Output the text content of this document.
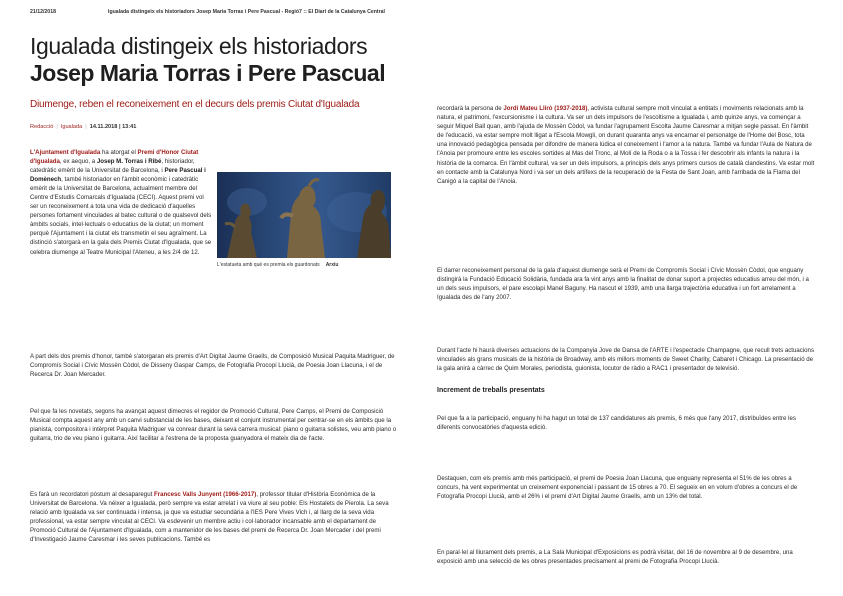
21/12/2018	Igualada distingeix els historiadors Josep Maria Torras i Pere Pascual - Regió7 :: El Diari de la Catalunya Central
Igualada distingeix els historiadors
Josep Maria Torras i Pere Pascual
Diumenge, reben el reconeixement en el decurs dels premis Ciutat d'Igualada
Redacció | Igualada | 14.11.2018 | 13:41
L'Ajuntament d'Igualada ha atorgat el Premi d'Honor Ciutat d'Igualada, ex aequo, a Josep M. Torras i Ribé, historiador, catedràtic emèrit de la Universitat de Barcelona, i Pere Pascual i Domènech, també historiador en l'àmbit econòmic i catedràtic emèrit de la Universitat de Barcelona, actualment membre del Centre d'Estudis Comarcals d'Igualada (CECI). Aquest premi vol ser un reconeixement a tota una vida de dedicació d'aquelles persones fortament vinculades al batec cultural o de qualsevol dels àmbits socials, intel·lectuals o educatius de la ciutat; un moment perquè l'Ajuntament i la ciutat els transmetin el seu agraïment. La distinció s'atorgarà en la gala dels Premis Ciutat d'Igualada, que se celebra diumenge al Teatre Municipal l'Ateneu, a les 2/4 de 12.
L'estatueta amb què es premia els guardonats Arxiu
A part dels dos premis d'honor, també s'atorgaran els premis d'Art Digital Jaume Graells, de Composició Musical Paquita Madriguer, de Compromís Social i Cívic Mossèn Còdol, de Disseny Gaspar Camps, de Fotografia Procopi Llucià, de Poesia Joan Llacuna, i el de Recerca Dr. Joan Mercader.
Pel que fa les novetats, segons ha avançat aquest dimecres el regidor de Promoció Cultural, Pere Camps, el Premi de Composició Musical compta aquest any amb un canvi substancial de les bases, deixant el conjunt instrumental per centrar-se en els àmbits que la pianista, compositora i intèrpret Paquita Madriguer va conrear durant la seva carrera musical: piano o guitarra solistes, veu amb piano o guitarra, trio de veu piano i guitarra. Així facilitar a l'estrena de la proposta guanyadora el mateix dia de l'acte.
Es farà un recordatori pòstum al desaparegut Francesc Valls Junyent (1966-2017), professor titular d'Història Econòmica de la Universitat de Barcelona. Va néixer a Igualada, però sempre va estar arrelat i va viure al seu poble: Els Hostalets de Pierola. La seva relació amb Igualada va ser continuada i intensa, ja que va estudiar secundària a l'IES Pere Vives Vich i, al llarg de la seva vida professional, va estar sempre vinculat al CECI. Va esdevenir un membre actiu i col·laborador incansable amb el departament de Promoció Cultural de l'Ajuntament d'Igualada, com a mantenidor de les bases del premi de Recerca Dr. Joan Mercader i del premi d'Investigació Jaume Caresmar i les seves publicacions. També es
recordarà la persona de Jordi Mateu Llirò (1937-2018), activista cultural sempre molt vinculat a entitats i moviments relacionats amb la natura, el patrimoni, l'excursionisme i la cultura. Va ser un dels impulsors de l'escoltisme a Igualada i, amb quinze anys, va començar a seguir Miquel Ball quan, amb l'ajuda de Mossèn Còdol, va fundar l'agrupament Escolta Jaume Caresmar a mitjan segle passat. En l'àmbit de l'educació, va estar sempre molt lligat a l'Escola Mowgli, on durant quaranta anys va encarnar el personatge de l'Home del Bosc, tota una innovació pedagògica pensada per difondre de manera lúdica el coneixement i l'amor a la natura. També va fundar l'Aula de Natura de l'Anoia per promoure entre les escoles sortides al Mas del Tronc, al Molí de la Roda o a la Tossa i fer descobrir als infants la natura i la història de la comarca. En l'àmbit cultural, va ser un dels impulsors, a principis dels anys primers cursos de català clandestins. Va estar molt en contacte amb la Catalunya Nord i va ser un dels artífexs de la recuperació de la Festa de Sant Joan, amb l'arribada de la Flama del Canigó a la capital de l'Anoia.
El darrer reconeixement personal de la gala d'aquest diumenge serà el Premi de Compromís Social i Cívic Mossèn Còdol, que enguany distingirà la Fundació Educació Solidària, fundada ara fa vint anys amb la finalitat de donar suport a projectes educatius arreu del món, i a un dels seus impulsors, el pare escolapi Manel Baguny. Ha nascut el 1939, amb una llarga trajectòria educativa i un fort arrelament a Igualada des de l'any 2007.
Durant l'acte hi haurà diverses actuacions de la Companyia Jove de Dansa de l'ARTE i l'espectacle Champagne, que recull trets actuacions vinculades als grans musicals de la història de Broadway, amb els millors moments de Sweet Charity, Cabaret i Chicago. La presentació de la gala anirà a càrrec de Quim Morales, periodista, guionista, locutor de ràdio a RAC1 i presentador de televisió.
Increment de treballs presentats
Pel que fa a la participació, enguany hi ha hagut un total de 137 candidatures als premis, 6 més que l'any 2017, distribuïdes entre les diferents convocatòries d'aquesta edició.
Destaquen, com els premis amb més participació, el premi de Poesia Joan Llacuna, que enguany representa el 51% de les obres a concurs, ha vent experimentat un creixement exponencial i passant de 15 obres a 70. El segueix en en volum d'obres a concurs el de Fotografia Procopi Llucià, amb el 26% i el premi d'Art Digital Jaume Graells, amb un 13% del total.
En paral·lel al lliurament dels premis, a La Sala Municipal d'Exposicions es podrà visitar, del 16 de novembre al 9 de desembre, una exposició amb una selecció de les obres presentades precisament al premi de Fotografia Procopi Llucià.
